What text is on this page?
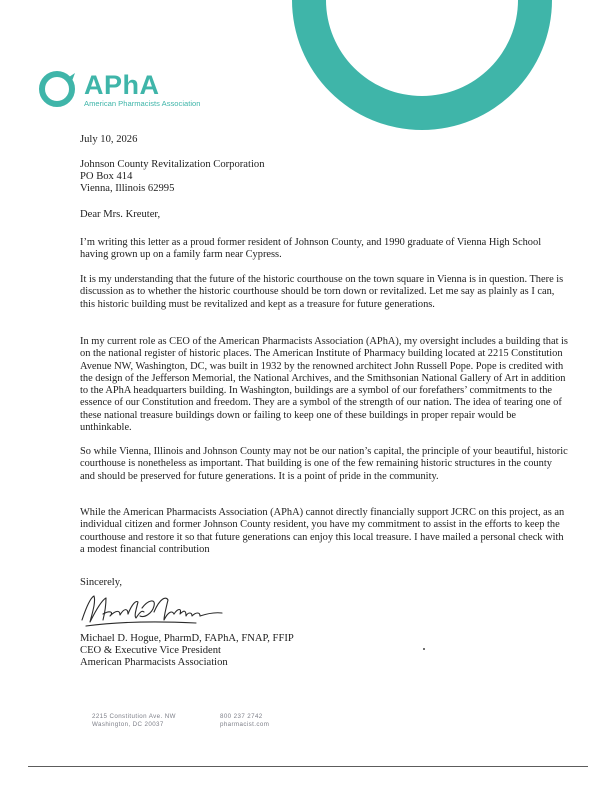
APhA
American Pharmacists Association

July 10, 2026

Johnson County Revitalization Corporation

PO Box 414

Vienna, Illinois 62995

Dear Mrs. Kreuter,

I’m writing this letter as a proud former resident of Johnson County, and 1990 graduate of Vienna High School having grown up on a family farm near Cypress.

It is my understanding that the future of the historic courthouse on the town square in Vienna is in question. There is discussion as to whether the historic courthouse should be torn down or revitalized. Let me say as plainly as I can, this historic building must be revitalized and kept as a treasure for future generations.

In my current role as CEO of the American Pharmacists Association (APhA), my oversight includes a building that is on the national register of historic places. The American Institute of Pharmacy building located at 2215 Constitution Avenue NW, Washington, DC, was built in 1932 by the renowned architect John Russell Pope. Pope is credited with the design of the Jefferson Memorial, the National Archives, and the Smithsonian National Gallery of Art in addition to the APhA headquarters building. In Washington, buildings are a symbol of our forefathers’ commitments to the essence of our Constitution and freedom. They are a symbol of the strength of our nation. The idea of tearing one of these national treasure buildings down or failing to keep one of these buildings in proper repair would be unthinkable.

So while Vienna, Illinois and Johnson County may not be our nation’s capital, the principle of your beautiful, historic courthouse is nonetheless as important. That building is one of the few remaining historic structures in the county and should be preserved for future generations. It is a point of pride in the community.

While the American Pharmacists Association (APhA) cannot directly financially support JCRC on this project, as an individual citizen and former Johnson County resident, you have my commitment to assist in the efforts to keep the courthouse and restore it so that future generations can enjoy this local treasure. I have mailed a personal check with a modest financial contribution

Sincerely,

Michael D. Hogue, PharmD, FAPhA, FNAP, FFIP

CEO & Executive Vice President

American Pharmacists Association

2215 Constitution Ave. NW
Washington, DC 20037
800 237 2742
pharmacist.com
